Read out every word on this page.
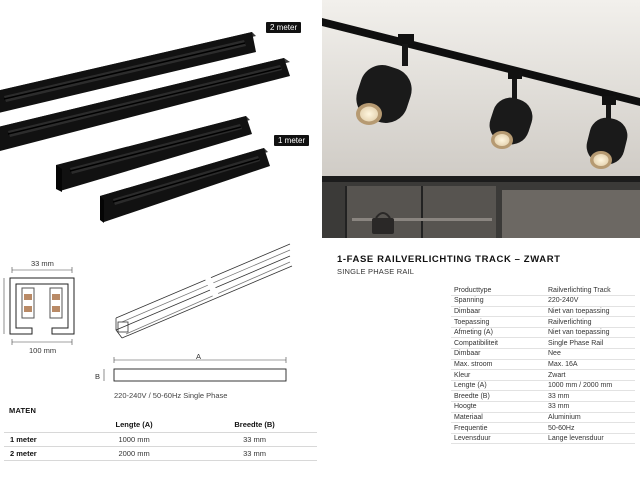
2 meter
1 meter
33 mm
100 mm
A
B
220-240V / 50-60Hz Single Phase
MATEN
	Lengte (A)	Breedte (B)
1 meter	1000 mm	33 mm
2 meter	2000 mm	33 mm
1-FASE RAILVERLICHTING TRACK – ZWART
SINGLE PHASE RAIL
Producttype	Railverlichting Track
Spanning	220-240V
Dimbaar	Niet van toepassing
Toepassing	Railverlichting
Afmeting (A)	Niet van toepassing
Compatibiliteit	Single Phase Rail
Dimbaar	Nee
Max. stroom	Max. 16A
Kleur	Zwart
Lengte (A)	1000 mm / 2000 mm
Breedte (B)	33 mm
Hoogte	33 mm
Materiaal	Aluminium
Frequentie	50-60Hz
Levensduur	Lange levensduur
